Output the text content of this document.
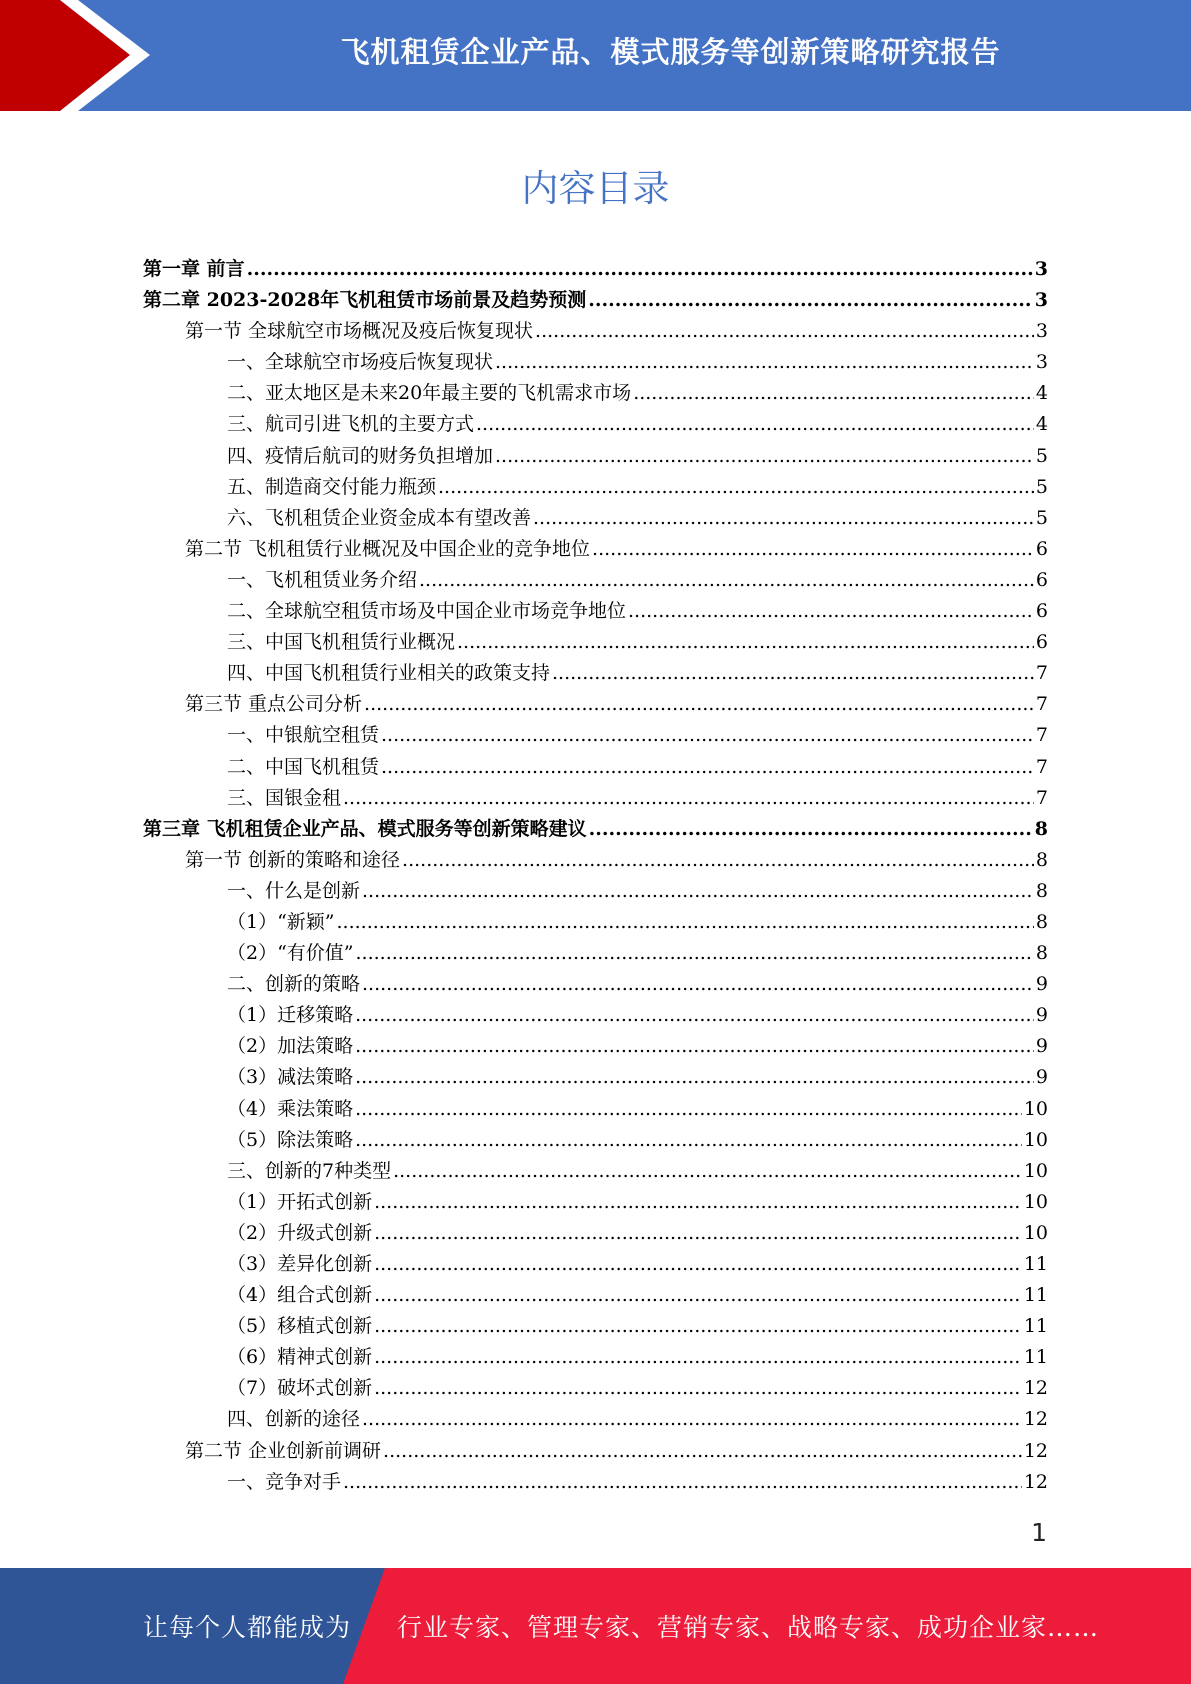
飞机租赁企业产品、模式服务等创新策略研究报告
内容目录
第一章 前言 .....	3
第二章 2023-2028年飞机租赁市场前景及趋势预测 .....	3
第一节 全球航空市场概况及疫后恢复现状 .....	3
一、全球航空市场疫后恢复现状 .....	3
二、亚太地区是未来20年最主要的飞机需求市场 .....	4
三、航司引进飞机的主要方式 .....	4
四、疫情后航司的财务负担增加 .....	5
五、制造商交付能力瓶颈 .....	5
六、飞机租赁企业资金成本有望改善 .....	5
第二节 飞机租赁行业概况及中国企业的竞争地位 .....	6
一、飞机租赁业务介绍 .....	6
二、全球航空租赁市场及中国企业市场竞争地位 .....	6
三、中国飞机租赁行业概况 .....	6
四、中国飞机租赁行业相关的政策支持 .....	7
第三节 重点公司分析 .....	7
一、中银航空租赁 .....	7
二、中国飞机租赁 .....	7
三、国银金租 .....	7
第三章 飞机租赁企业产品、模式服务等创新策略建议 .....	8
第一节 创新的策略和途径 .....	8
一、什么是创新 .....	8
（1）“新颖” .....	8
（2）“有价值” .....	8
二、创新的策略 .....	9
（1）迁移策略 .....	9
（2）加法策略 .....	9
（3）减法策略 .....	9
（4）乘法策略 .....	10
（5）除法策略 .....	10
三、创新的7种类型 .....	10
（1）开拓式创新 .....	10
（2）升级式创新 .....	10
（3）差异化创新 .....	11
（4）组合式创新 .....	11
（5）移植式创新 .....	11
（6）精神式创新 .....	11
（7）破坏式创新 .....	12
四、创新的途径 .....	12
第二节 企业创新前调研 .....	12
一、竞争对手 .....	12
1
让每个人都能成为 行业专家、管理专家、营销专家、战略专家、成功企业家……
